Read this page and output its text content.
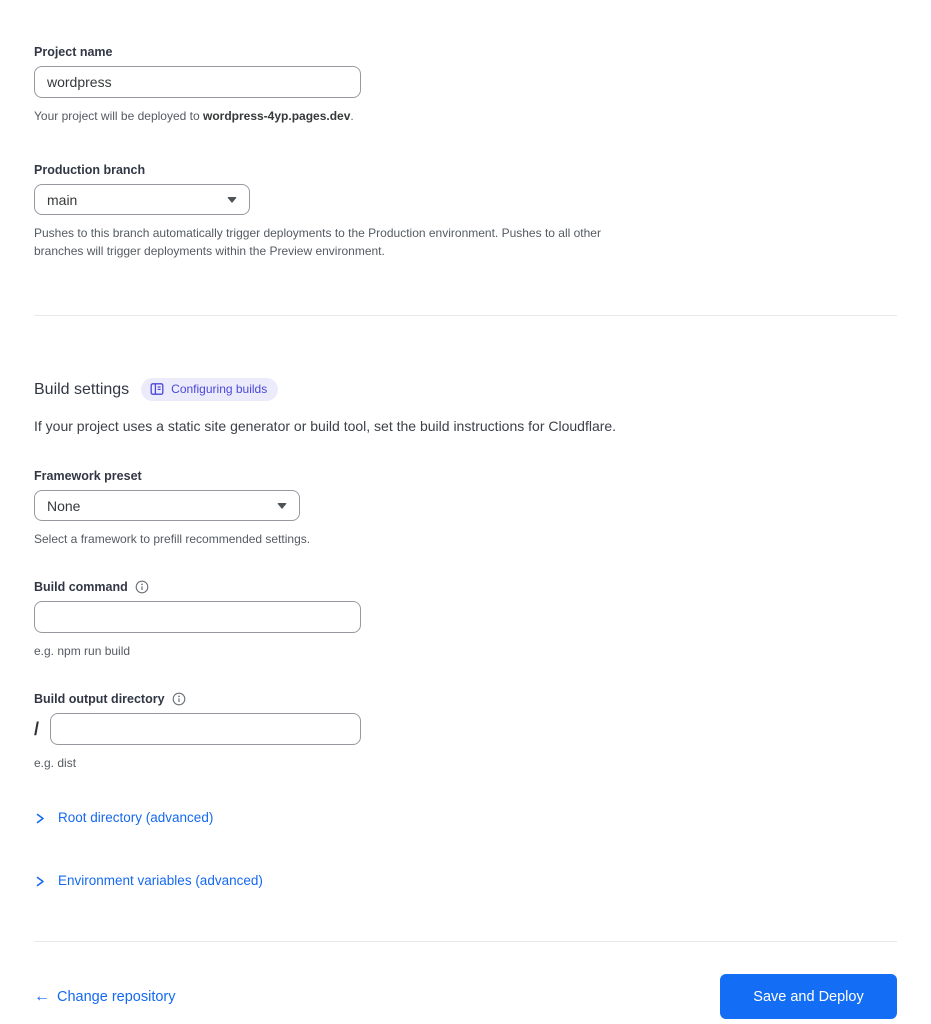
Project name
wordpress
Your project will be deployed to wordpress-4yp.pages.dev.
Production branch
main
Pushes to this branch automatically trigger deployments to the Production environment. Pushes to all other branches will trigger deployments within the Preview environment.
Build settings	Configuring builds
If your project uses a static site generator or build tool, set the build instructions for Cloudflare.
Framework preset
None
Select a framework to prefill recommended settings.
Build command
e.g. npm run build
Build output directory
/
e.g. dist
Root directory (advanced)
Environment variables (advanced)
← Change repository	Save and Deploy
